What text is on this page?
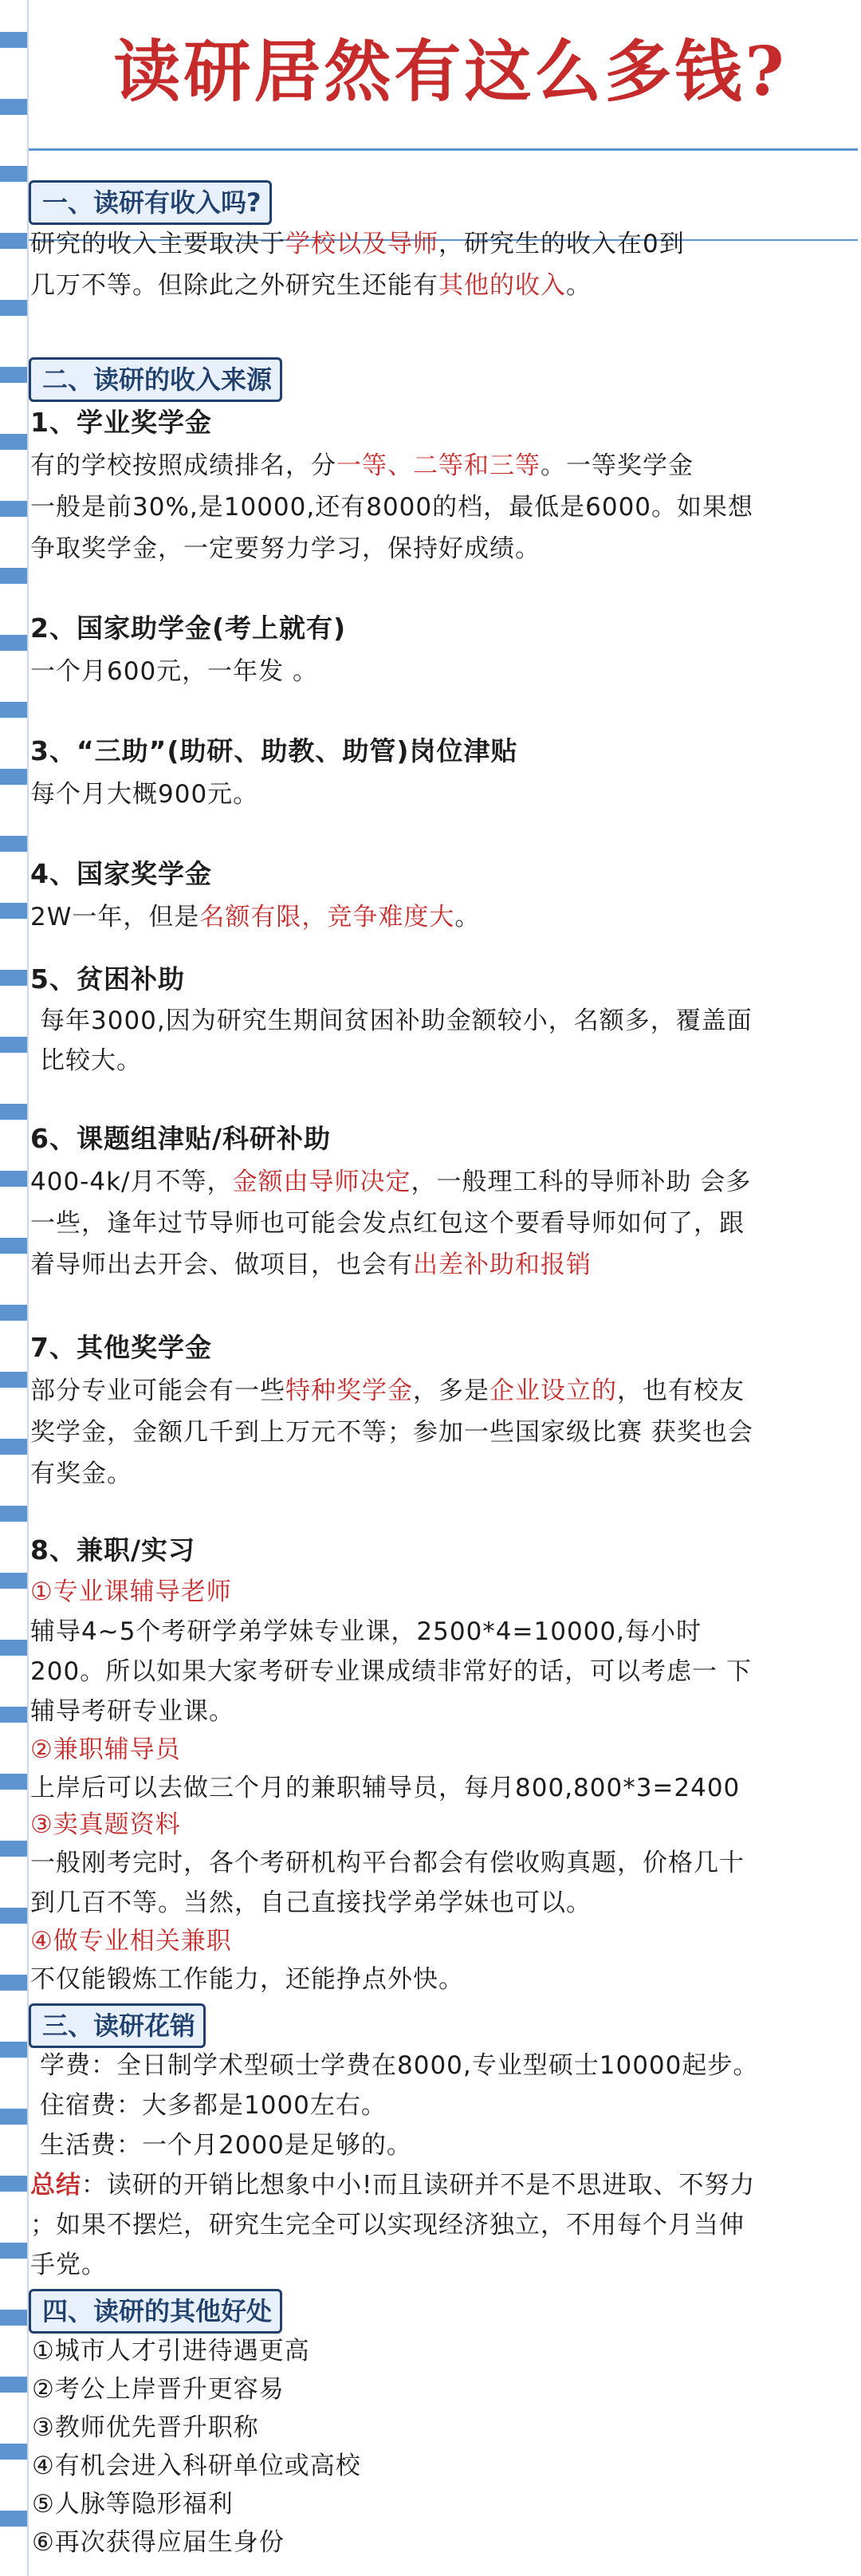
读研居然有这么多钱?
一、读研有收入吗?

研究的收入主要取决于学校以及导师，研究生的收入在0到

几万不等。但除此之外研究生还能有其他的收入。

二、读研的收入来源

1、学业奖学金

有的学校按照成绩排名，分一等、二等和三等。一等奖学金

一般是前30%,是10000,还有8000的档，最低是6000。如果想

争取奖学金，一定要努力学习，保持好成绩。

2、国家助学金(考上就有)

一个月600元，一年发 。

3、“三助”(助研、助教、助管)岗位津贴

每个月大概900元。

4、国家奖学金

2W一年，但是名额有限，竞争难度大。

5、贫困补助

每年3000,因为研究生期间贫困补助金额较小，名额多，覆盖面

比较大。

6、课题组津贴/科研补助

400-4k/月不等，金额由导师决定，一般理工科的导师补助 会多

一些，逢年过节导师也可能会发点红包这个要看导师如何了，跟

着导师出去开会、做项目，也会有出差补助和报销

7、其他奖学金

部分专业可能会有一些特种奖学金，多是企业设立的，也有校友

奖学金，金额几千到上万元不等；参加一些国家级比赛 获奖也会

有奖金。

8、兼职/实习

①专业课辅导老师

辅导4~5个考研学弟学妹专业课，2500*4=10000,每小时

200。所以如果大家考研专业课成绩非常好的话，可以考虑一 下

辅导考研专业课。

②兼职辅导员

上岸后可以去做三个月的兼职辅导员，每月800,800*3=2400

③卖真题资料

一般刚考完时，各个考研机构平台都会有偿收购真题，价格几十

到几百不等。当然，自己直接找学弟学妹也可以。

④做专业相关兼职

不仅能锻炼工作能力，还能挣点外快。

三、读研花销

学费：全日制学术型硕士学费在8000,专业型硕士10000起步。

住宿费：大多都是1000左右。

生活费：一个月2000是足够的。

总结：读研的开销比想象中小!而且读研并不是不思进取、不努力

；如果不摆烂，研究生完全可以实现经济独立，不用每个月当伸

手党。

四、读研的其他好处
①城市人才引进待遇更高
②考公上岸晋升更容易
③教师优先晋升职称
④有机会进入科研单位或高校
⑤人脉等隐形福利
⑥再次获得应届生身份
